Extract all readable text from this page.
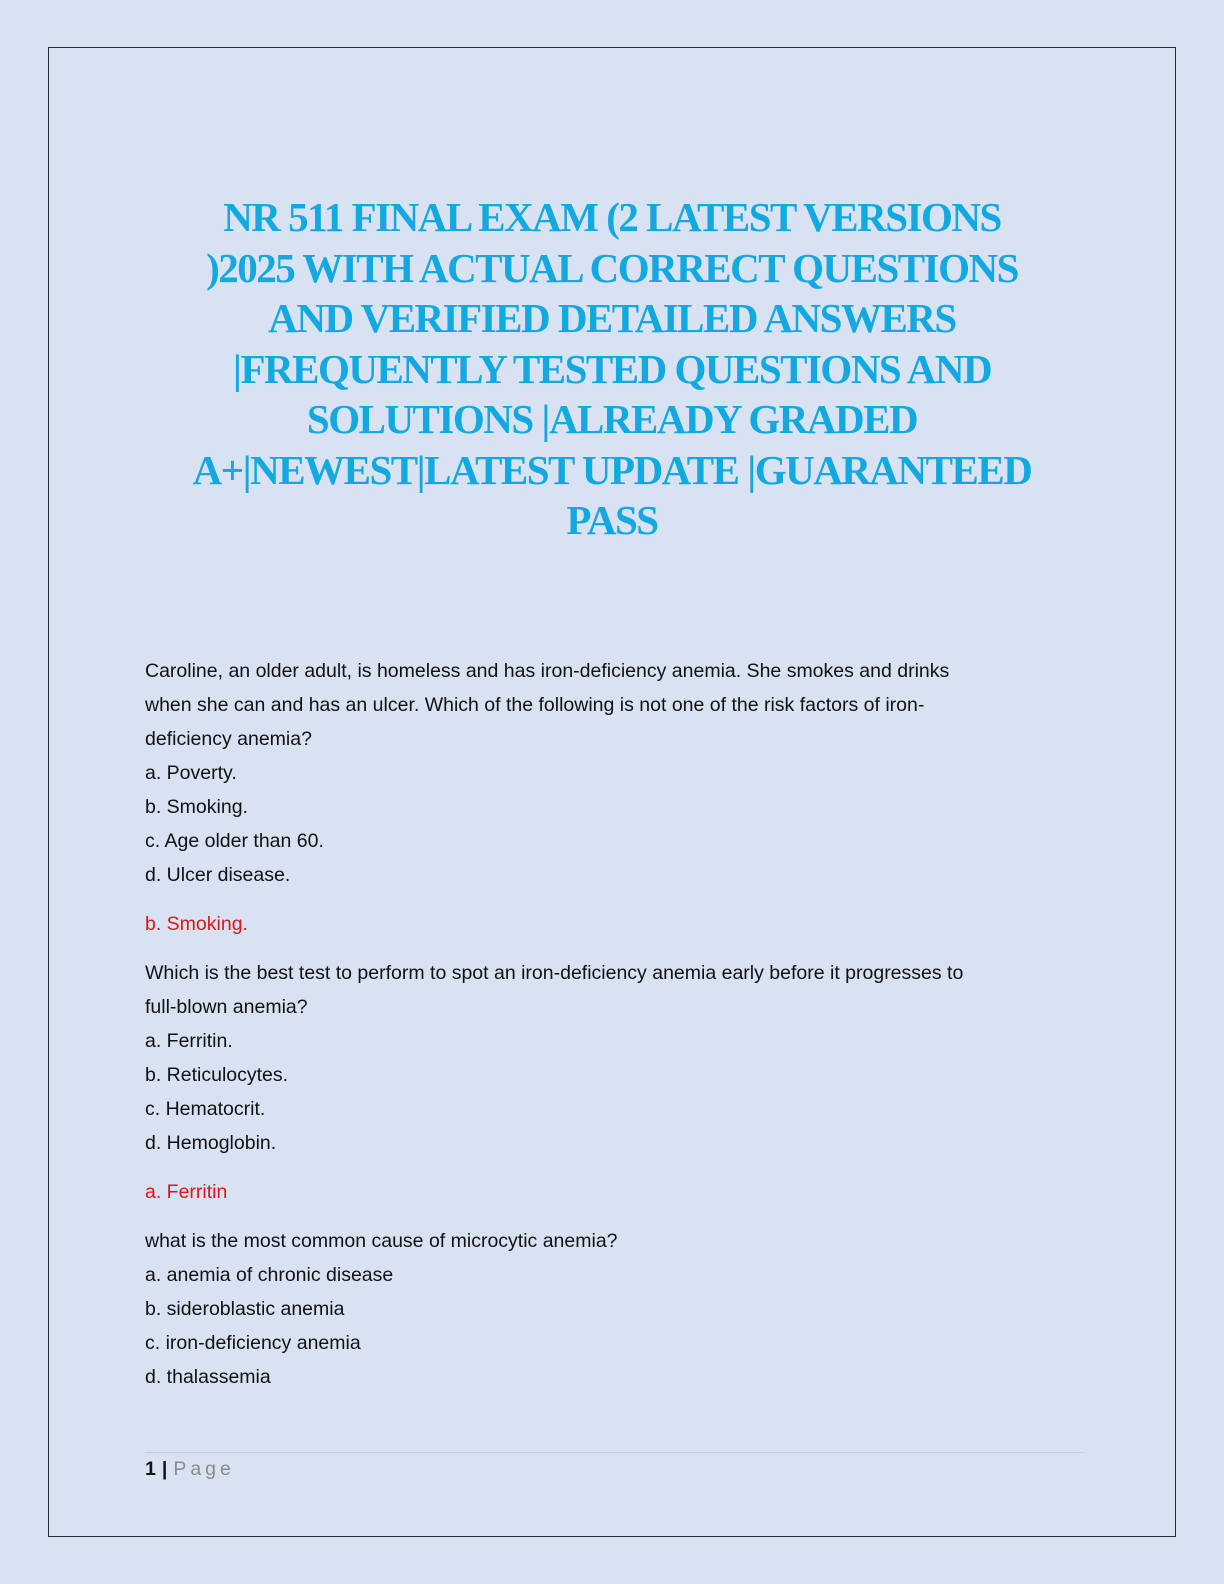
NR 511 FINAL EXAM (2 LATEST VERSIONS
)2025 WITH ACTUAL CORRECT QUESTIONS
AND VERIFIED DETAILED ANSWERS
|FREQUENTLY TESTED QUESTIONS AND
SOLUTIONS |ALREADY GRADED
A+|NEWEST|LATEST UPDATE |GUARANTEED
PASS

Caroline, an older adult, is homeless and has iron-deficiency anemia. She smokes and drinks

when she can and has an ulcer. Which of the following is not one of the risk factors of iron-

deficiency anemia?

a. Poverty.

b. Smoking.

c. Age older than 60.

d. Ulcer disease.

b. Smoking.

Which is the best test to perform to spot an iron-deficiency anemia early before it progresses to

full-blown anemia?

a. Ferritin.

b. Reticulocytes.

c. Hematocrit.

d. Hemoglobin.

a. Ferritin

what is the most common cause of microcytic anemia?

a. anemia of chronic disease

b. sideroblastic anemia

c. iron-deficiency anemia

d. thalassemia

1 | Page
